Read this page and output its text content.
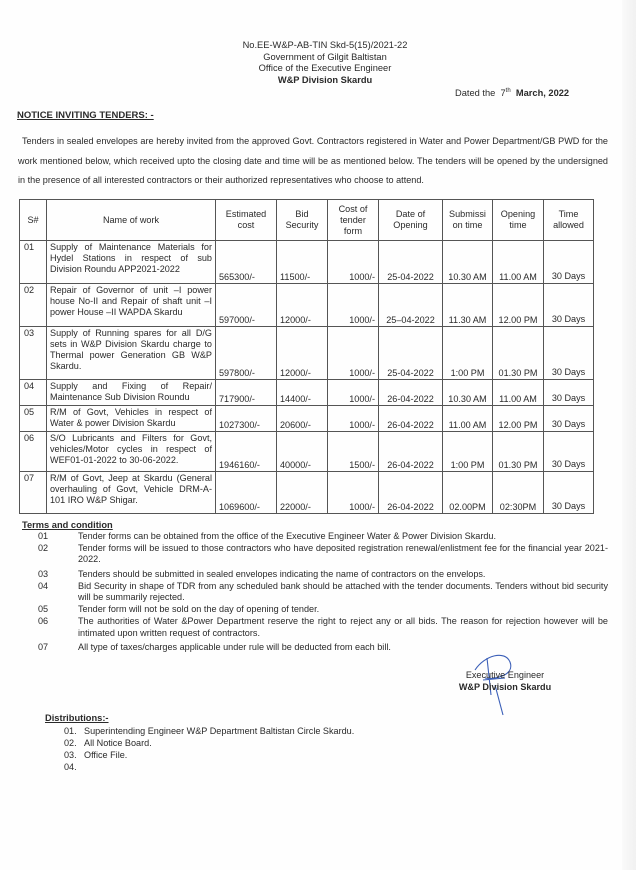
No.EE-W&P-AB-TIN Skd-5(15)/2021-22
Government of Gilgit Baltistan
Office of the Executive Engineer
W&P Division Skardu
Dated the 7th March, 2022
NOTICE INVITING TENDERS: -

Tenders in sealed envelopes are hereby invited from the approved Govt. Contractors registered in Water and Power Department/GB PWD for the work mentioned below, which received upto the closing date and time will be as mentioned below. The tenders will be opened by the undersigned in the presence of all interested contractors or their authorized representatives who choose to attend.

S#	Name of work	Estimated cost	Bid Security	Cost of tender form	Date of Opening	Submissi on time	Opening time	Time allowed
01	Supply of Maintenance Materials for Hydel Stations in respect of sub Division Roundu APP2021-2022	565300/-	11500/-	1000/-	25-04-2022	10.30 AM	11.00 AM	30 Days
02	Repair of Governor of unit –I power house No-II and Repair of shaft unit –I power House –II WAPDA Skardu	597000/-	12000/-	1000/-	25–04-2022	11.30 AM	12.00 PM	30 Days
03	Supply of Running spares for all D/G sets in W&P Division Skardu charge to Thermal power Generation GB W&P Skardu.	597800/-	12000/-	1000/-	25-04-2022	1:00 PM	01.30 PM	30 Days
04	Supply and Fixing of Repair/ Maintenance Sub Division Roundu	717900/-	14400/-	1000/-	26-04-2022	10.30 AM	11.00 AM	30 Days
05	R/M of Govt, Vehicles in respect of Water & power Division Skardu	1027300/-	20600/-	1000/-	26-04-2022	11.00 AM	12.00 PM	30 Days
06	S/O Lubricants and Filters for Govt, vehicles/Motor cycles in respect of WEF01-01-2022 to 30-06-2022.	1946160/-	40000/-	1500/-	26-04-2022	1:00 PM	01.30 PM	30 Days
07	R/M of Govt, Jeep at Skardu (General overhauling of Govt, Vehicle DRM-A-101 IRO W&P Shigar.	1069600/-	22000/-	1000/-	26-04-2022	02.00PM	02:30PM	30 Days
Terms and condition
01	Tender forms can be obtained from the office of the Executive Engineer Water & Power Division Skardu.
02	Tender forms will be issued to those contractors who have deposited registration renewal/enlistment fee for the financial year 2021-2022.
03	Tenders should be submitted in sealed envelopes indicating the name of contractors on the envelops.
04	Bid Security in shape of TDR from any scheduled bank should be attached with the tender documents. Tenders without bid security will be summarily rejected.
05	Tender form will not be sold on the day of opening of tender.
06	The authorities of Water &Power Department reserve the right to reject any or all bids. The reason for rejection however will be intimated upon written request of contractors.
07	All type of taxes/charges applicable under rule will be deducted from each bill.
Executive Engineer
W&P Division Skardu
Distributions:-
01. Superintending Engineer W&P Department Baltistan Circle Skardu.
02. All Notice Board.
03. Office File.
04.
